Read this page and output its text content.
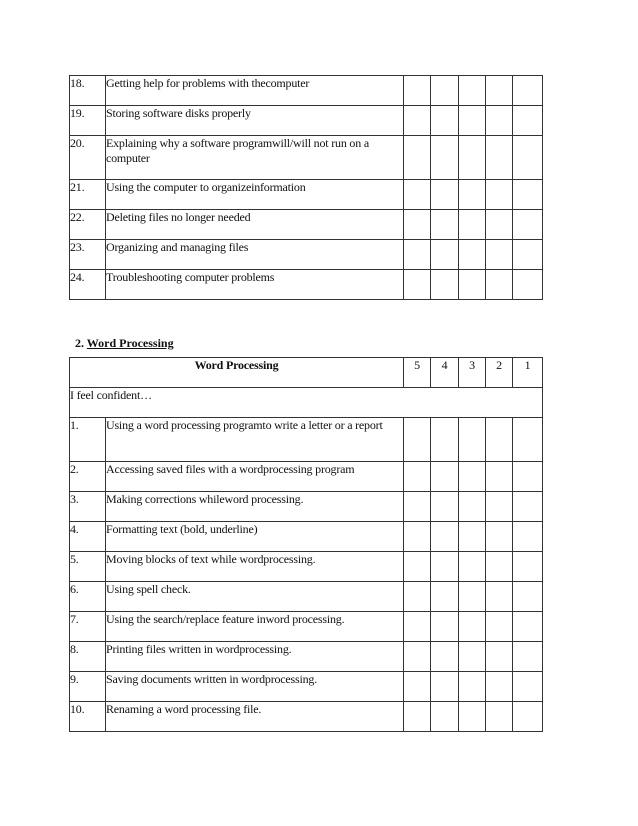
18.	Getting help for problems with thecomputer					
19.	Storing software disks properly					
20.	Explaining why a software programwill/will not run on a computer					
21.	Using the computer to organizeinformation					
22.	Deleting files no longer needed					
23.	Organizing and managing files					
24.	Troubleshooting computer problems					

2. Word Processing

Word Processing		5	4	3	2	1
I feel confident…						
1.	Using a word processing programto write a letter or a report					
2.	Accessing saved files with a wordprocessing program					
3.	Making corrections whileword processing.					
4.	Formatting text (bold, underline)					
5.	Moving blocks of text while wordprocessing.					
6.	Using spell check.					
7.	Using the search/replace feature inword processing.					
8.	Printing files written in wordprocessing.					
9.	Saving documents written in wordprocessing.					
10.	Renaming a word processing file.					
